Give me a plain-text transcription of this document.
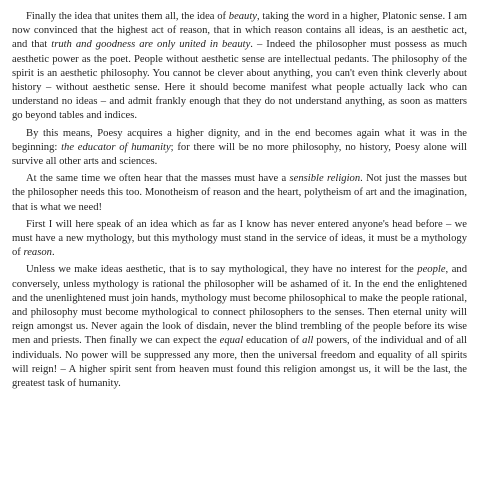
Finally the idea that unites them all, the idea of beauty, taking the word in a higher, Platonic sense. I am now convinced that the highest act of reason, that in which reason contains all ideas, is an aesthetic act, and that truth and goodness are only united in beauty. – Indeed the philosopher must possess as much aesthetic power as the poet. People without aesthetic sense are intellectual pedants. The philosophy of the spirit is an aesthetic philosophy. You cannot be clever about anything, you can't even think cleverly about history – without aesthetic sense. Here it should become manifest what people actually lack who can understand no ideas – and admit frankly enough that they do not understand anything, as soon as matters go beyond tables and indices.

By this means, Poesy acquires a higher dignity, and in the end becomes again what it was in the beginning: the educator of humanity; for there will be no more philosophy, no history, Poesy alone will survive all other arts and sciences.

At the same time we often hear that the masses must have a sensible religion. Not just the masses but the philosopher needs this too. Monotheism of reason and the heart, polytheism of art and the imagination, that is what we need!

First I will here speak of an idea which as far as I know has never entered anyone's head before – we must have a new mythology, but this mythology must stand in the service of ideas, it must be a mythology of reason.

Unless we make ideas aesthetic, that is to say mythological, they have no interest for the people, and conversely, unless mythology is rational the philosopher will be ashamed of it. In the end the enlightened and the unenlightened must join hands, mythology must become philosophical to make the people rational, and philosophy must become mythological to connect philosophers to the senses. Then eternal unity will reign amongst us. Never again the look of disdain, never the blind trembling of the people before its wise men and priests. Then finally we can expect the equal education of all powers, of the individual and of all individuals. No power will be suppressed any more, then the universal freedom and equality of all spirits will reign! – A higher spirit sent from heaven must found this religion amongst us, it will be the last, the greatest task of humanity.
